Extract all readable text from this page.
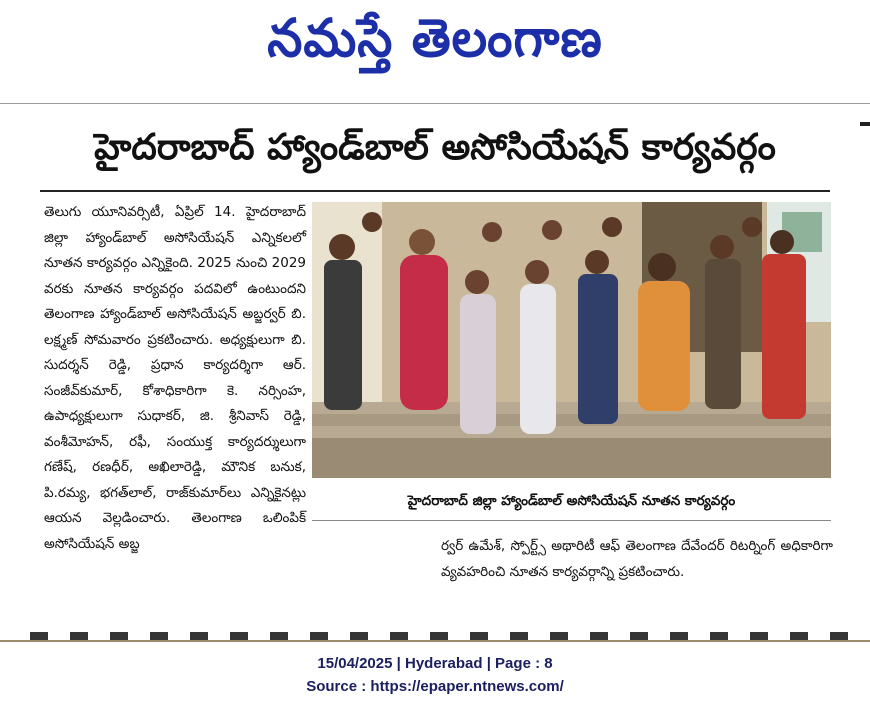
నమస్తే తెలంగాణ
హైదరాబాద్ హ్యాండ్‌బాల్ అసోసియేషన్ కార్యవర్గం
తెలుగు యూనివర్సిటీ, ఏప్రిల్ 14. హైదరాబాద్ జిల్లా హ్యాండ్‌బాల్ అసోసియేషన్ ఎన్నికలలో నూతన కార్యవర్గం ఎన్నికైంది. 2025 నుంచి 2029 వరకు నూతన కార్యవర్గం పదవిలో ఉంటుందని తెలంగాణ హ్యాండ్‌బాల్ అసోసియేషన్ అబ్జర్వర్ బి. లక్ష్మణ్ సోమవారం ప్రకటించారు. అధ్యక్షులుగా బి. సుదర్శన్ రెడ్డి, ప్రధాన కార్యదర్శిగా ఆర్. సంజీవ్‌కుమార్, కోశాధికారిగా కె. నర్సింహ, ఉపాధ్యక్షులుగా సుధాకర్, జి. శ్రీనివాస్ రెడ్డి, వంశీమోహన్, రఫీ, సంయుక్త కార్యదర్శులుగా గణేష్, రణధీర్, అఖిలారెడ్డి, మౌనిక బనుక, పి.రమ్య, భగత్‌లాల్, రాజ్‌కుమార్‌లు ఎన్నికైనట్లు ఆయన వెల్లడించారు. తెలంగాణ ఒలింపిక్ అసోసియేషన్ అబ్జ
హైదరాబాద్ జిల్లా హ్యాండ్‌బాల్ అసోసియేషన్ నూతన కార్యవర్గం
ర్వర్ ఉమేశ్, స్పోర్ట్స్ అథారిటీ ఆఫ్ తెలంగాణ దేవేందర్ రిటర్నింగ్ అధికారిగా వ్యవహరించి నూతన కార్యవర్గాన్ని ప్రకటించారు.
15/04/2025 | Hyderabad | Page : 8
Source : https://epaper.ntnews.com/
